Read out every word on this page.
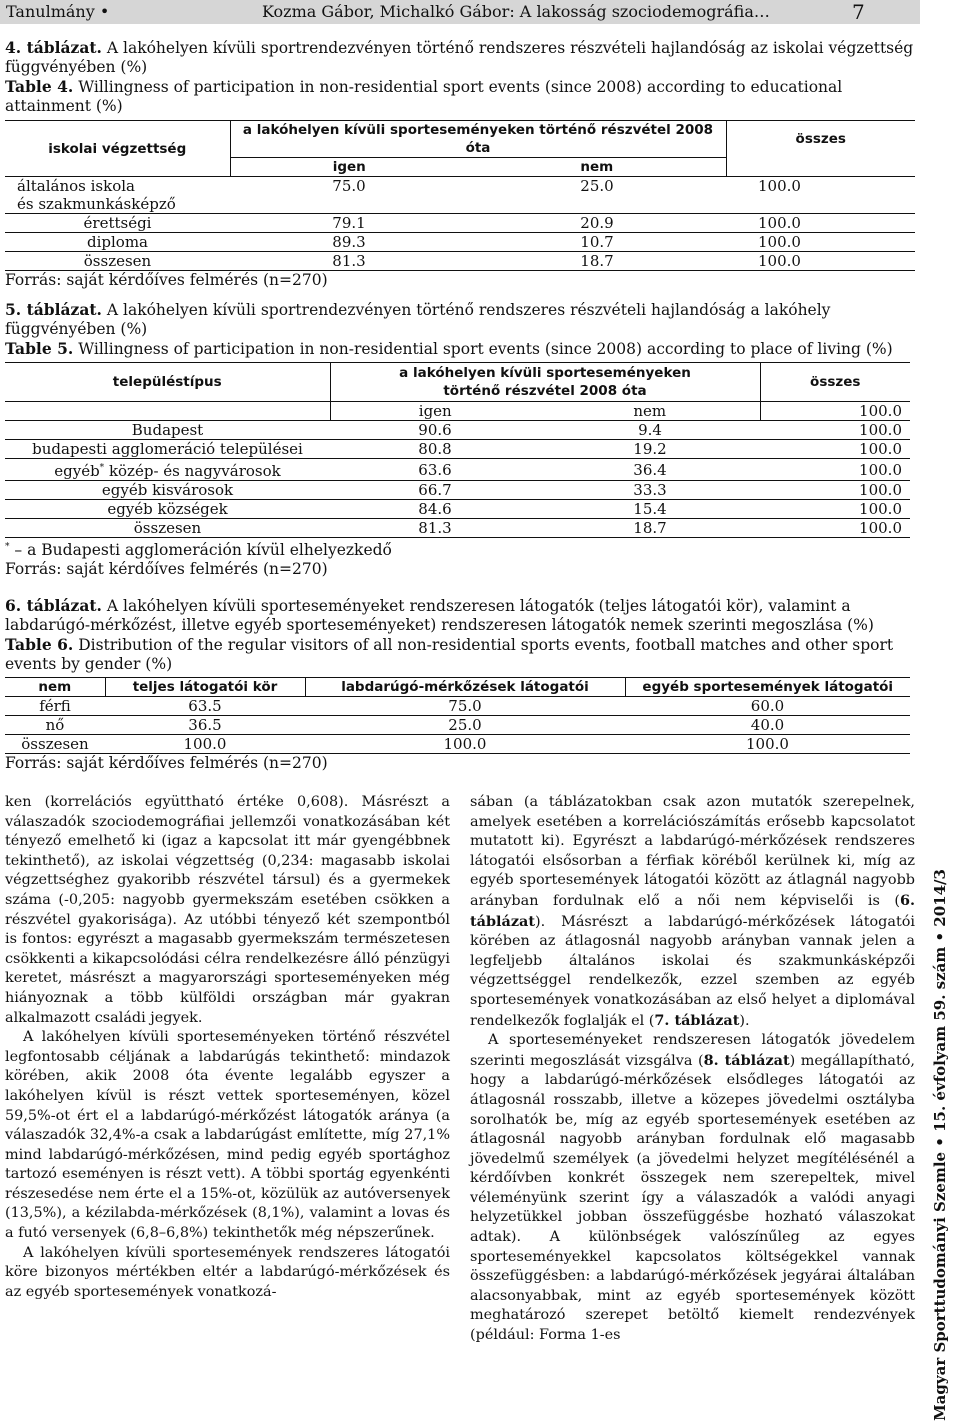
Tanulmány •	Kozma Gábor, Michalkó Gábor: A lakosság szociodemográfia…	7

4. táblázat. A lakóhelyen kívüli sportrendezvényen történő rendszeres részvételi hajlandóság az iskolai végzettség függvényében (%)

Table 4. Willingness of participation in non-residential sport events (since 2008) according to educational attainment (%)

iskolai végzettség	a lakóhelyen kívüli sporteseményeken történő részvétel 2008 óta		összes
	igen	nem	
általános iskola
és szakmunkásképző	75.0	25.0	100.0
érettségi	79.1	20.9	100.0
diploma	89.3	10.7	100.0
összesen	81.3	18.7	100.0

Forrás: saját kérdőíves felmérés (n=270)

5. táblázat. A lakóhelyen kívüli sportrendezvényen történő rendszeres részvételi hajlandóság a lakóhely függvényében (%)

Table 5. Willingness of participation in non-residential sport events (since 2008) according to place of living (%)

településtípus	a lakóhelyen kívüli sporteseményeken
történő részvétel 2008 óta		összes

	igen	nem	100.0
Budapest	90.6	9.4	100.0
budapesti agglomeráció települései	80.8	19.2	100.0
egyéb* közép- és nagyvárosok	63.6	36.4	100.0
egyéb kisvárosok	66.7	33.3	100.0
egyéb községek	84.6	15.4	100.0
összesen	81.3	18.7	100.0

* – a Budapesti agglomeráción kívül elhelyezkedő

Forrás: saját kérdőíves felmérés (n=270)

6. táblázat. A lakóhelyen kívüli sporteseményeket rendszeresen látogatók (teljes látogatói kör), valamint a labdarúgó-mérkőzést, illetve egyéb sporteseményeket) rendszeresen látogatók nemek szerinti megoszlása (%)

Table 6. Distribution of the regular visitors of all non-residential sports events, football matches and other sport events by gender (%)

nem	teljes látogatói kör	labdarúgó-mérkőzések látogatói	egyéb sportesemények látogatói
férfi	63.5	75.0	60.0
nő	36.5	25.0	40.0
összesen	100.0	100.0	100.0

Forrás: saját kérdőíves felmérés (n=270)

ken (korrelációs együttható értéke 0,608). Másrészt a válaszadók szociodemográfiai jellemzői vonatkozásában két tényező emelhető ki (igaz a kapcsolat itt már gyengébbnek tekinthető), az iskolai végzettség (0,234: magasabb iskolai végzettséghez gyakoribb részvétel társul) és a gyermekek száma (-0,205: nagyobb gyermekszám esetében csökken a részvétel gyakorisága). Az utóbbi tényező két szempontból is fontos: egyrészt a magasabb gyermekszám természetesen csökkenti a kikapcsolódási célra rendelkezésre álló pénzügyi keretet, másrészt a magyarországi sporteseményeken még hiányoznak a több külföldi országban már gyakran alkalmazott családi jegyek.

A lakóhelyen kívüli sporteseményeken történő részvétel legfontosabb céljának a labdarúgás tekinthető: mindazok körében, akik 2008 óta évente legalább egyszer a lakóhelyen kívül is részt vettek sporteseményen, közel 59,5%-ot ért el a labdarúgó-mérkőzést látogatók aránya (a válaszadók 32,4%-a csak a labdarúgást említette, míg 27,1% mind labdarúgó-mérkőzésen, mind pedig egyéb sportághoz tartozó eseményen is részt vett). A többi sportág egyenkénti részesedése nem érte el a 15%-ot, közülük az autóversenyek (13,5%), a kézilabda-mérkőzések (8,1%), valamint a lovas és a futó versenyek (6,8–6,8%) tekinthetők még népszerűnek.

A lakóhelyen kívüli sportesemények rendszeres látogatói köre bizonyos mértékben eltér a labdarúgó-mérkőzések és az egyéb sportesemények vonatkozá-

sában (a táblázatokban csak azon mutatók szerepelnek, amelyek esetében a korrelációszámítás erősebb kapcsolatot mutatott ki). Egyrészt a labdarúgó-mérkőzések rendszeres látogatói elsősorban a férfiak köréből kerülnek ki, míg az egyéb sportesemények látogatói között az átlagnál nagyobb arányban fordulnak elő a női nem képviselői is (6. táblázat). Másrészt a labdarúgó-mérkőzések látogatói körében az átlagosnál nagyobb arányban vannak jelen a legfeljebb általános iskolai és szakmunkásképzői végzettséggel rendelkezők, ezzel szemben az egyéb sportesemények vonatkozásában az első helyet a diplomával rendelkezők foglalják el (7. táblázat).

A sporteseményeket rendszeresen látogatók jövedelem szerinti megoszlását vizsgálva (8. táblázat) megállapítható, hogy a labdarúgó-mérkőzések elsődleges látogatói az átlagosnál rosszabb, illetve a közepes jövedelmi osztályba sorolhatók be, míg az egyéb sportesemények esetében az átlagosnál nagyobb arányban fordulnak elő magasabb jövedelmű személyek (a jövedelmi helyzet megítélésénél a kérdőívben konkrét összegek nem szerepeltek, mivel véleményünk szerint így a válaszadók a valódi anyagi helyzetükkel jobban összefüggésbe hozható válaszokat adtak). A különbségek valószínűleg az egyes sporteseményekkel kapcsolatos költségekkel vannak összefüggésben: a labdarúgó-mérkőzések jegyárai általában alacsonyabbak, mint az egyéb sportesemények között meghatározó szerepet betöltő kiemelt rendezvények (például: Forma 1-es	Magyar Sporttudományi Szemle • 15. évfolyam 59. szám • 2014/3
